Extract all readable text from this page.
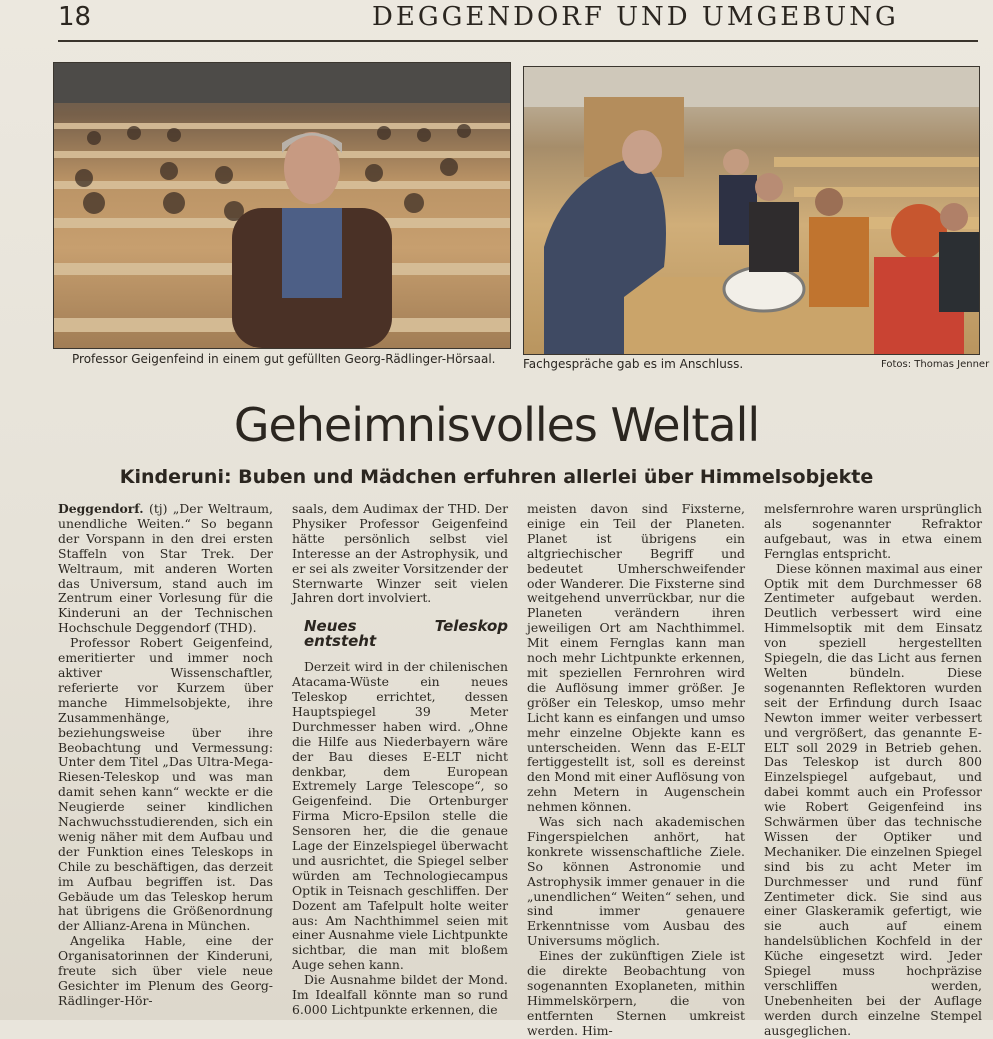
18	DEGGENDORF UND UMGEBUNG
Professor Geigenfeind in einem gut gefüllten Georg-Rädlinger-Hörsaal. Fachgespräche gab es im Anschluss.	Fotos: Thomas Jenner
Geheimnisvolles Weltall
Kinderuni: Buben und Mädchen erfuhren allerlei über Himmelsobjekte

Deggendorf. (tj) „Der Weltraum, unendliche Weiten.“ So begann der Vorspann in den drei ersten Staffeln von Star Trek. Der Weltraum, mit anderen Worten das Universum, stand auch im Zentrum einer Vorlesung für die Kinderuni an der Technischen Hochschule Deggendorf (THD).

Professor Robert Geigenfeind, emeritierter und immer noch aktiver Wissenschaftler, referierte vor Kurzem über manche Himmelsobjekte, ihre Zusammenhänge, beziehungsweise über ihre Beobachtung und Vermessung: Unter dem Titel „Das Ultra-Mega-Riesen-Teleskop und was man damit sehen kann“ weckte er die Neugierde seiner kindlichen Nachwuchsstudierenden, sich ein wenig näher mit dem Aufbau und der Funktion eines Teleskops in Chile zu beschäftigen, das derzeit im Aufbau begriffen ist. Das Gebäude um das Teleskop herum hat übrigens die Größenordnung der Allianz-Arena in München.

Angelika Hable, eine der Organisatorinnen der Kinderuni, freute sich über viele neue Gesichter im Plenum des Georg-Rädlinger-Hör-

saals, dem Audimax der THD. Der Physiker Professor Geigenfeind hätte persönlich selbst viel Interesse an der Astrophysik, und er sei als zweiter Vorsitzender der Sternwarte Winzer seit vielen Jahren dort involviert.

Neues Teleskop entsteht

Derzeit wird in der chilenischen Atacama-Wüste ein neues Teleskop errichtet, dessen Hauptspiegel 39 Meter Durchmesser haben wird. „Ohne die Hilfe aus Niederbayern wäre der Bau dieses E-ELT nicht denkbar, dem European Extremely Large Telescope“, so Geigenfeind. Die Ortenburger Firma Micro-Epsilon stelle die Sensoren her, die die genaue Lage der Einzelspiegel überwacht und ausrichtet, die Spiegel selber würden am Technologiecampus Optik in Teisnach geschliffen. Der Dozent am Tafelpult holte weiter aus: Am Nachthimmel seien mit einer Ausnahme viele Lichtpunkte sichtbar, die man mit bloßem Auge sehen kann.

Die Ausnahme bildet der Mond. Im Idealfall könnte man so rund 6.000 Lichtpunkte erkennen, die

meisten davon sind Fixsterne, einige ein Teil der Planeten. Planet ist übrigens ein altgriechischer Begriff und bedeutet Umherschweifender oder Wanderer. Die Fixsterne sind weitgehend unverrückbar, nur die Planeten verändern ihren jeweiligen Ort am Nachthimmel. Mit einem Fernglas kann man noch mehr Lichtpunkte erkennen, mit speziellen Fernrohren wird die Auflösung immer größer. Je größer ein Teleskop, umso mehr Licht kann es einfangen und umso mehr einzelne Objekte kann es unterscheiden. Wenn das E-ELT fertiggestellt ist, soll es dereinst den Mond mit einer Auflösung von zehn Metern in Augenschein nehmen können.

Was sich nach akademischen Fingerspielchen anhört, hat konkrete wissenschaftliche Ziele. So können Astronomie und Astrophysik immer genauer in die „unendlichen“ Weiten“ sehen, und sind immer genauere Erkenntnisse vom Ausbau des Universums möglich.

Eines der zukünftigen Ziele ist die direkte Beobachtung von sogenannten Exoplaneten, mithin Himmelskörpern, die von entfernten Sternen umkreist werden. Him-

melsfernrohre waren ursprünglich als sogenannter Refraktor aufgebaut, was in etwa einem Fernglas entspricht.

Diese können maximal aus einer Optik mit dem Durchmesser 68 Zentimeter aufgebaut werden. Deutlich verbessert wird eine Himmelsoptik mit dem Einsatz von speziell hergestellten Spiegeln, die das Licht aus fernen Welten bündeln. Diese sogenannten Reflektoren wurden seit der Erfindung durch Isaac Newton immer weiter verbessert und vergrößert, das genannte E-ELT soll 2029 in Betrieb gehen. Das Teleskop ist durch 800 Einzelspiegel aufgebaut, und dabei kommt auch ein Professor wie Robert Geigenfeind ins Schwärmen über das technische Wissen der Optiker und Mechaniker. Die einzelnen Spiegel sind bis zu acht Meter im Durchmesser und rund fünf Zentimeter dick. Sie sind aus einer Glaskeramik gefertigt, wie sie auch auf einem handelsüblichen Kochfeld in der Küche eingesetzt wird. Jeder Spiegel muss hochpräzise verschliffen werden, Unebenheiten bei der Auflage werden durch einzelne Stempel ausgeglichen.
